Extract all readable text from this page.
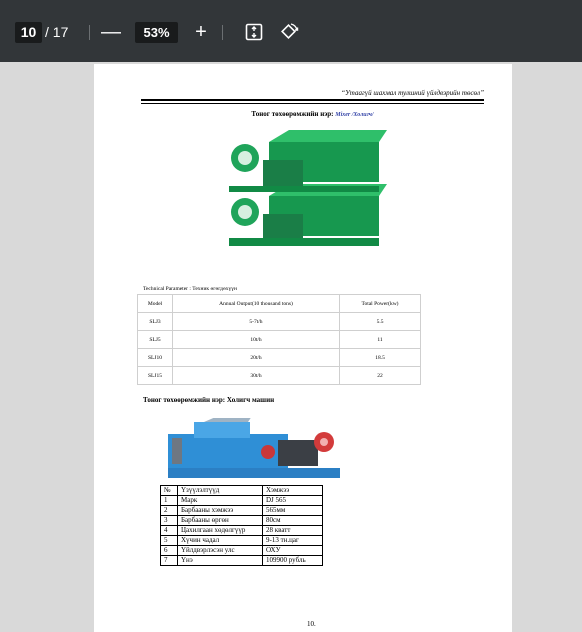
10 / 17 —	53%	+
“Утаагүй шахмал тулшний үйлдвэрийн төсөл”
Тоног төхөөрөмжийн нэр: Mixer /Холигч/
Technical Parameter : Техник өгөгдөхүүн
Model	Annual Output(10 thousand tons)	Total Power(kw)
SLJ3	5-7t/h	5.5
SLJ5	10t/h	11
SLJ10	20t/h	18.5
SLJ15	30t/h	22
Тоног төхөөрөмжийн нэр: Холигч машин
№	Үзүүлэлтүүд	Хэмжээ
1	Марк	DJ 565
2	Барбааны хэмжээ	565мм
3	Барбааны өргөн	80см
4	Цахилгаан хөдөлгүүр	28 кватт
5	Хүчин чадал	9-13 тн.цаг
6	Үйлдвэрлэсэн улс	ОХУ
7	Үнэ	109900 рубль
10.
